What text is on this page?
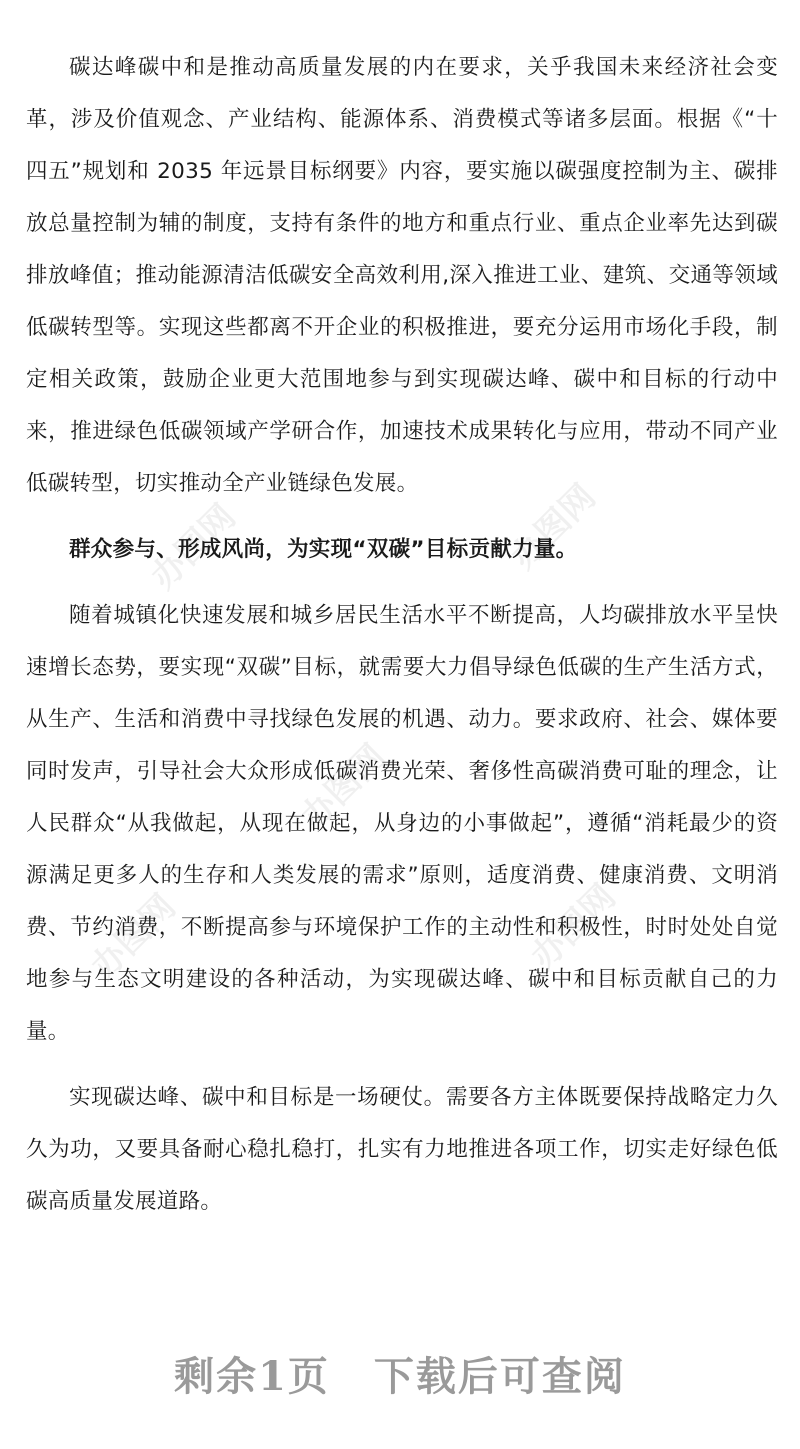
办图网	办图网
办图网
办图网	办图网

碳达峰碳中和是推动高质量发展的内在要求，关乎我国未来经济社会变革，涉及价值观念、产业结构、能源体系、消费模式等诸多层面。根据《“十四五”规划和 2035 年远景目标纲要》内容，要实施以碳强度控制为主、碳排放总量控制为辅的制度，支持有条件的地方和重点行业、重点企业率先达到碳排放峰值；推动能源清洁低碳安全高效利用,深入推进工业、建筑、交通等领域低碳转型等。实现这些都离不开企业的积极推进，要充分运用市场化手段，制定相关政策，鼓励企业更大范围地参与到实现碳达峰、碳中和目标的行动中来，推进绿色低碳领域产学研合作，加速技术成果转化与应用，带动不同产业低碳转型，切实推动全产业链绿色发展。

群众参与、形成风尚，为实现“双碳”目标贡献力量。

随着城镇化快速发展和城乡居民生活水平不断提高，人均碳排放水平呈快速增长态势，要实现“双碳”目标，就需要大力倡导绿色低碳的生产生活方式，从生产、生活和消费中寻找绿色发展的机遇、动力。要求政府、社会、媒体要同时发声，引导社会大众形成低碳消费光荣、奢侈性高碳消费可耻的理念，让人民群众“从我做起，从现在做起，从身边的小事做起”，遵循“消耗最少的资源满足更多人的生存和人类发展的需求”原则，适度消费、健康消费、文明消费、节约消费，不断提高参与环境保护工作的主动性和积极性，时时处处自觉地参与生态文明建设的各种活动，为实现碳达峰、碳中和目标贡献自己的力量。

实现碳达峰、碳中和目标是一场硬仗。需要各方主体既要保持战略定力久久为功，又要具备耐心稳扎稳打，扎实有力地推进各项工作，切实走好绿色低碳高质量发展道路。

剩余1页 下载后可查阅
